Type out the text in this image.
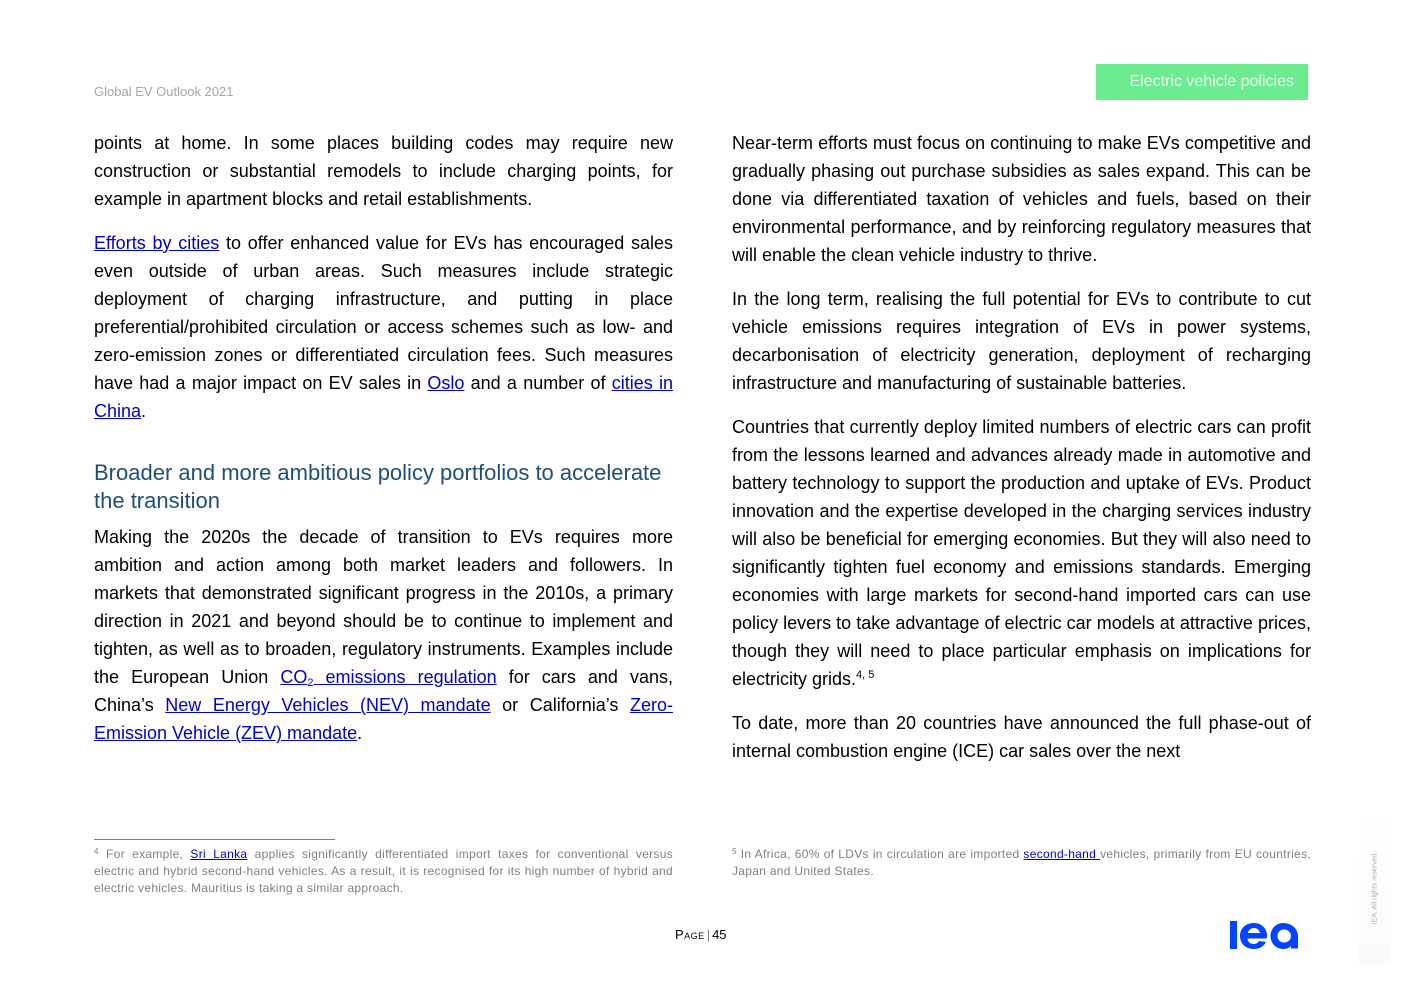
Global EV Outlook 2021
Electric vehicle policies

points at home. In some places building codes may require new construction or substantial remodels to include charging points, for example in apartment blocks and retail establishments.

Efforts by cities to offer enhanced value for EVs has encouraged sales even outside of urban areas. Such measures include strategic deployment of charging infrastructure, and putting in place preferential/prohibited circulation or access schemes such as low- and zero-emission zones or differentiated circulation fees. Such measures have had a major impact on EV sales in Oslo and a number of cities in China.

Broader and more ambitious policy portfolios to accelerate the transition

Making the 2020s the decade of transition to EVs requires more ambition and action among both market leaders and followers. In markets that demonstrated significant progress in the 2010s, a primary direction in 2021 and beyond should be to continue to implement and tighten, as well as to broaden, regulatory instruments. Examples include the European Union $CO_2$ emissions regulation for cars and vans, China’s New Energy Vehicles (NEV) mandate or California’s Zero-Emission Vehicle (ZEV) mandate.

Near-term efforts must focus on continuing to make EVs competitive and gradually phasing out purchase subsidies as sales expand. This can be done via differentiated taxation of vehicles and fuels, based on their environmental performance, and by reinforcing regulatory measures that will enable the clean vehicle industry to thrive.

In the long term, realising the full potential for EVs to contribute to cut vehicle emissions requires integration of EVs in power systems, decarbonisation of electricity generation, deployment of recharging infrastructure and manufacturing of sustainable batteries.

Countries that currently deploy limited numbers of electric cars can profit from the lessons learned and advances already made in automotive and battery technology to support the production and uptake of EVs. Product innovation and the expertise developed in the charging services industry will also be beneficial for emerging economies. But they will also need to significantly tighten fuel economy and emissions standards. Emerging economies with large markets for second-hand imported cars can use policy levers to take advantage of electric car models at attractive prices, though they will need to place particular emphasis on implications for electricity grids.$^{4, 5}$

To date, more than 20 countries have announced the full phase-out of internal combustion engine (ICE) car sales over the next

$^4$ For example, Sri Lanka applies significantly differentiated import taxes for conventional versus electric and hybrid second-hand vehicles. As a result, it is recognised for its high number of hybrid and electric vehicles. Mauritius is taking a similar approach.
$^5$ In Africa, 60% of LDVs in circulation are imported second-hand vehicles, primarily from EU countries, Japan and United States.
Page | 45
IEA. All rights reserved.
